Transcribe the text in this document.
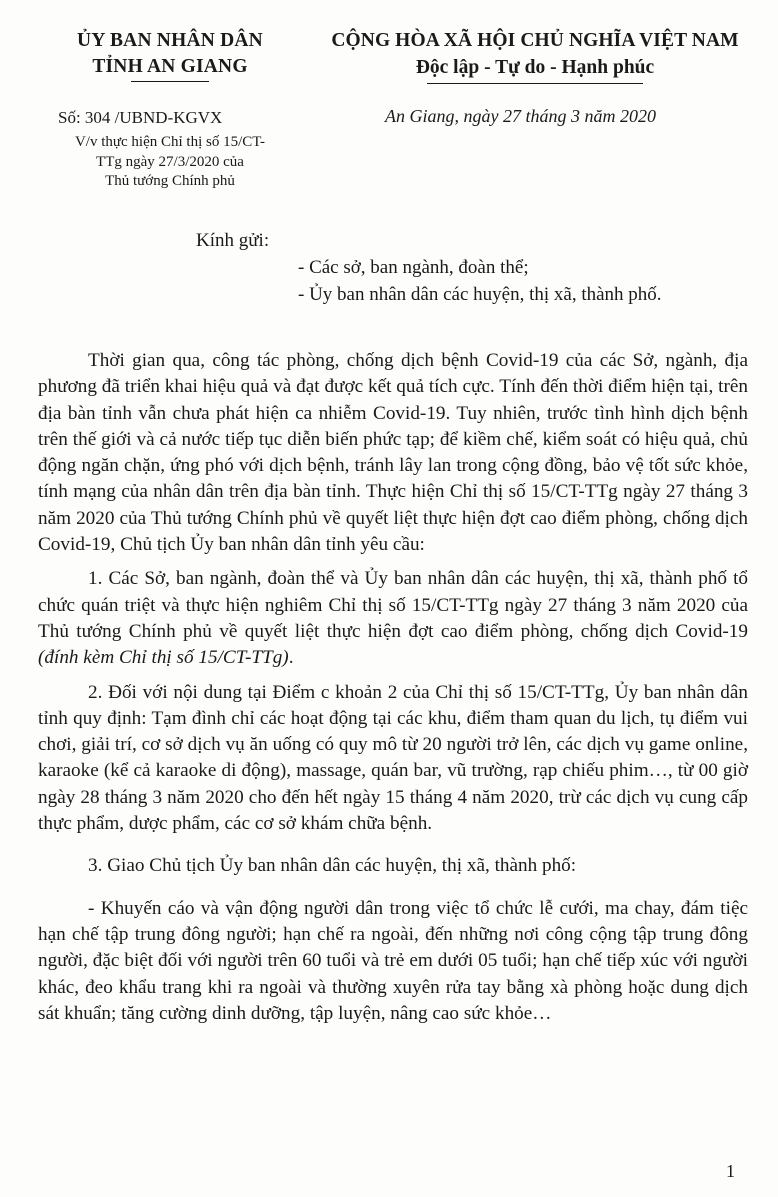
ỦY BAN NHÂN DÂN
TỈNH AN GIANG
CỘNG HÒA XÃ HỘI CHỦ NGHĨA VIỆT NAM
Độc lập - Tự do - Hạnh phúc
Số: 304 /UBND-KGVX
V/v thực hiện Chỉ thị số 15/CT-
TTg ngày 27/3/2020 của
Thủ tướng Chính phủ
An Giang, ngày 27 tháng 3 năm 2020
Kính gửi:
- Các sở, ban ngành, đoàn thể;
- Ủy ban nhân dân các huyện, thị xã, thành phố.

Thời gian qua, công tác phòng, chống dịch bệnh Covid-19 của các Sở, ngành, địa phương đã triển khai hiệu quả và đạt được kết quả tích cực. Tính đến thời điểm hiện tại, trên địa bàn tỉnh vẫn chưa phát hiện ca nhiễm Covid-19. Tuy nhiên, trước tình hình dịch bệnh trên thế giới và cả nước tiếp tục diễn biến phức tạp; để kiềm chế, kiểm soát có hiệu quả, chủ động ngăn chặn, ứng phó với dịch bệnh, tránh lây lan trong cộng đồng, bảo vệ tốt sức khỏe, tính mạng của nhân dân trên địa bàn tỉnh. Thực hiện Chỉ thị số 15/CT-TTg ngày 27 tháng 3 năm 2020 của Thủ tướng Chính phủ về quyết liệt thực hiện đợt cao điểm phòng, chống dịch Covid-19, Chủ tịch Ủy ban nhân dân tỉnh yêu cầu:

1. Các Sở, ban ngành, đoàn thể và Ủy ban nhân dân các huyện, thị xã, thành phố tổ chức quán triệt và thực hiện nghiêm Chỉ thị số 15/CT-TTg ngày 27 tháng 3 năm 2020 của Thủ tướng Chính phủ về quyết liệt thực hiện đợt cao điểm phòng, chống dịch Covid-19 (đính kèm Chỉ thị số 15/CT-TTg).

2. Đối với nội dung tại Điểm c khoản 2 của Chỉ thị số 15/CT-TTg, Ủy ban nhân dân tỉnh quy định: Tạm đình chỉ các hoạt động tại các khu, điểm tham quan du lịch, tụ điểm vui chơi, giải trí, cơ sở dịch vụ ăn uống có quy mô từ 20 người trở lên, các dịch vụ game online, karaoke (kể cả karaoke di động), massage, quán bar, vũ trường, rạp chiếu phim…, từ 00 giờ ngày 28 tháng 3 năm 2020 cho đến hết ngày 15 tháng 4 năm 2020, trừ các dịch vụ cung cấp thực phẩm, dược phẩm, các cơ sở khám chữa bệnh.

3. Giao Chủ tịch Ủy ban nhân dân các huyện, thị xã, thành phố:

- Khuyến cáo và vận động người dân trong việc tổ chức lễ cưới, ma chay, đám tiệc hạn chế tập trung đông người; hạn chế ra ngoài, đến những nơi công cộng tập trung đông người, đặc biệt đối với người trên 60 tuổi và trẻ em dưới 05 tuổi; hạn chế tiếp xúc với người khác, đeo khẩu trang khi ra ngoài và thường xuyên rửa tay bằng xà phòng hoặc dung dịch sát khuẩn; tăng cường dinh dưỡng, tập luyện, nâng cao sức khỏe…

1
